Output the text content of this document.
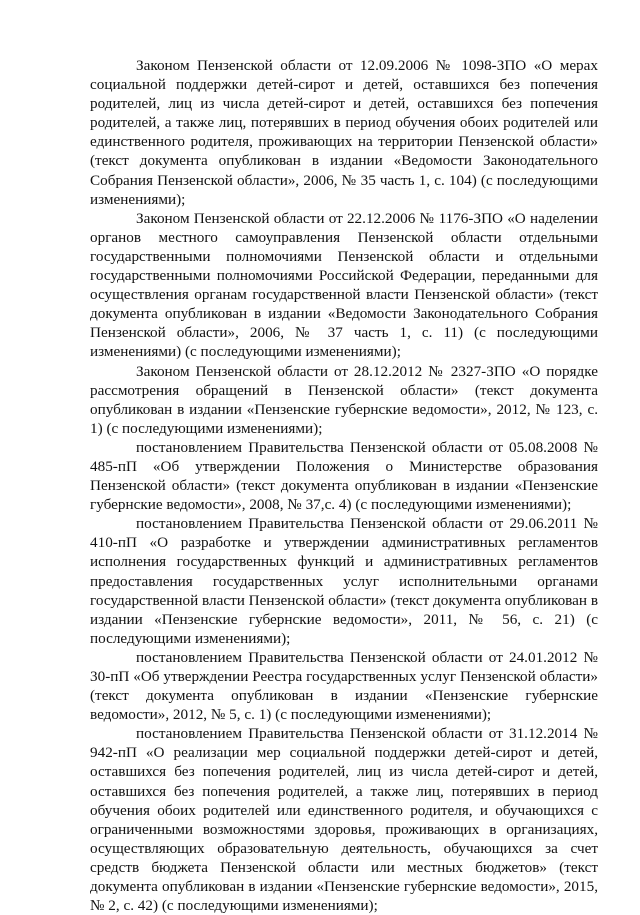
Законом Пензенской области от 12.09.2006 № 1098-ЗПО «О мерах социальной поддержки детей-сирот и детей, оставшихся без попечения родителей, лиц из числа детей-сирот и детей, оставшихся без попечения родителей, а также лиц, потерявших в период обучения обоих родителей или единственного родителя, проживающих на территории Пензенской области» (текст документа опубликован в издании «Ведомости Законодательного Собрания Пензенской области», 2006, № 35 часть 1, с. 104) (с последующими изменениями);

Законом Пензенской области от 22.12.2006 № 1176-ЗПО «О наделении органов местного самоуправления Пензенской области отдельными государственными полномочиями Пензенской области и отдельными государственными полномочиями Российской Федерации, переданными для осуществления органам государственной власти Пензенской области» (текст документа опубликован в издании «Ведомости Законодательного Собрания Пензенской области», 2006, № 37 часть 1, с. 11) (с последующими изменениями) (с последующими изменениями);

Законом Пензенской области от 28.12.2012 № 2327-ЗПО «О порядке рассмотрения обращений в Пензенской области» (текст документа опубликован в издании «Пензенские губернские ведомости», 2012, № 123, с. 1) (с последующими изменениями);

постановлением Правительства Пензенской области от 05.08.2008 № 485-пП «Об утверждении Положения о Министерстве образования Пензенской области» (текст документа опубликован в издании «Пензенские губернские ведомости», 2008, № 37,с. 4) (с последующими изменениями);

постановлением Правительства Пензенской области от 29.06.2011 № 410-пП «О разработке и утверждении административных регламентов исполнения государственных функций и административных регламентов предоставления государственных услуг исполнительными органами государственной власти Пензенской области» (текст документа опубликован в издании «Пензенские губернские ведомости», 2011, № 56, с. 21) (с последующими изменениями);

постановлением Правительства Пензенской области от 24.01.2012 № 30-пП «Об утверждении Реестра государственных услуг Пензенской области» (текст документа опубликован в издании «Пензенские губернские ведомости», 2012, № 5, с. 1) (с последующими изменениями);

постановлением Правительства Пензенской области от 31.12.2014 № 942-пП «О реализации мер социальной поддержки детей-сирот и детей, оставшихся без попечения родителей, лиц из числа детей-сирот и детей, оставшихся без попечения родителей, а также лиц, потерявших в период обучения обоих родителей или единственного родителя, и обучающихся с ограниченными возможностями здоровья, проживающих в организациях, осуществляющих образовательную деятельность, обучающихся за счет средств бюджета Пензенской области или местных бюджетов» (текст документа опубликован в издании «Пензенские губернские ведомости», 2015, № 2, с. 42) (с последующими изменениями);
